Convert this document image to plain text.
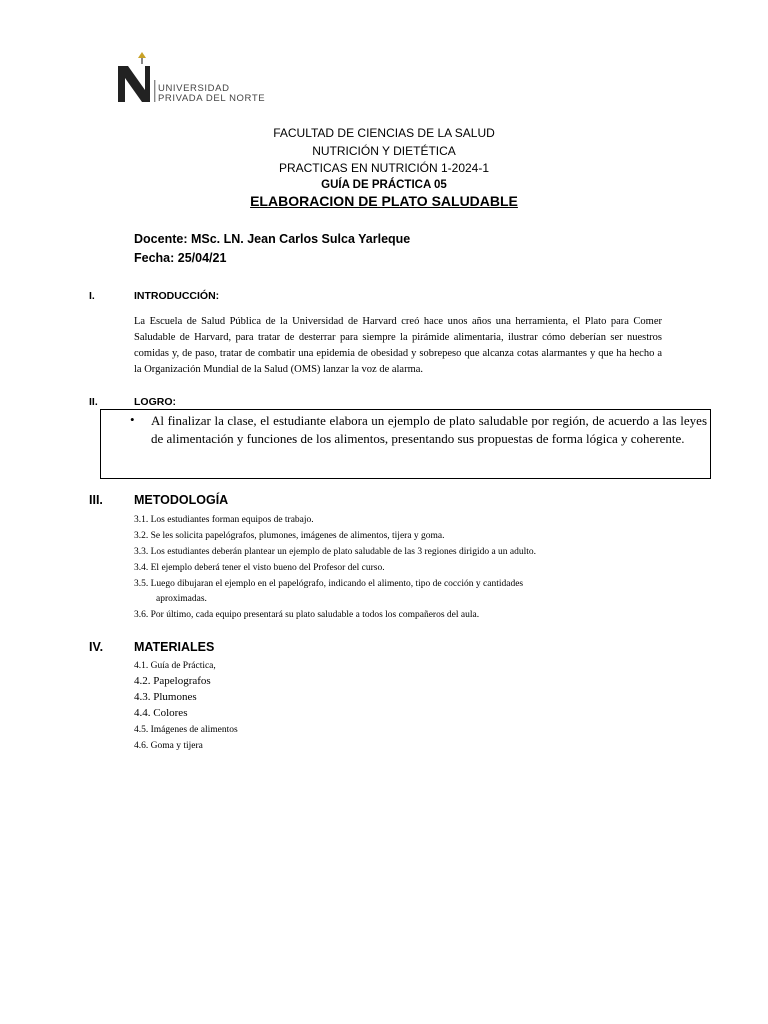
UNIVERSIDAD
PRIVADA DEL NORTE
FACULTAD DE CIENCIAS DE LA SALUD
NUTRICIÓN Y DIETÉTICA
PRACTICAS EN NUTRICIÓN 1-2024-1
GUÍA DE PRÁCTICA 05
ELABORACION DE PLATO SALUDABLE
Docente: MSc. LN. Jean Carlos Sulca Yarleque
Fecha: 25/04/21
I.	INTRODUCCIÓN:
La Escuela de Salud Pública de la Universidad de Harvard creó hace unos años una herramienta, el Plato para Comer Saludable de Harvard, para tratar de desterrar para siempre la pirámide alimentaria, ilustrar cómo deberían ser nuestros comidas y, de paso, tratar de combatir una epidemia de obesidad y sobrepeso que alcanza cotas alarmantes y que ha hecho a la Organización Mundial de la Salud (OMS) lanzar la voz de alarma.
II.	LOGRO:
• Al finalizar la clase, el estudiante elabora un ejemplo de plato saludable por región, de acuerdo a las leyes de alimentación y funciones de los alimentos, presentando sus propuestas de forma lógica y coherente.
III. METODOLOGÍA
3.1. Los estudiantes forman equipos de trabajo.
3.2. Se les solicita papelógrafos, plumones, imágenes de alimentos, tijera y goma.
3.3. Los estudiantes deberán plantear un ejemplo de plato saludable de las 3 regiones dirigido a un adulto.
3.4. El ejemplo deberá tener el visto bueno del Profesor del curso.
3.5. Luego dibujaran el ejemplo en el papelógrafo, indicando el alimento, tipo de cocción y cantidades
aproximadas.
3.6. Por último, cada equipo presentará su plato saludable a todos los compañeros del aula.
IV. MATERIALES
4.1. Guía de Práctica,
4.2. Papelografos
4.3. Plumones
4.4. Colores
4.5. Imágenes de alimentos
4.6. Goma y tijera
